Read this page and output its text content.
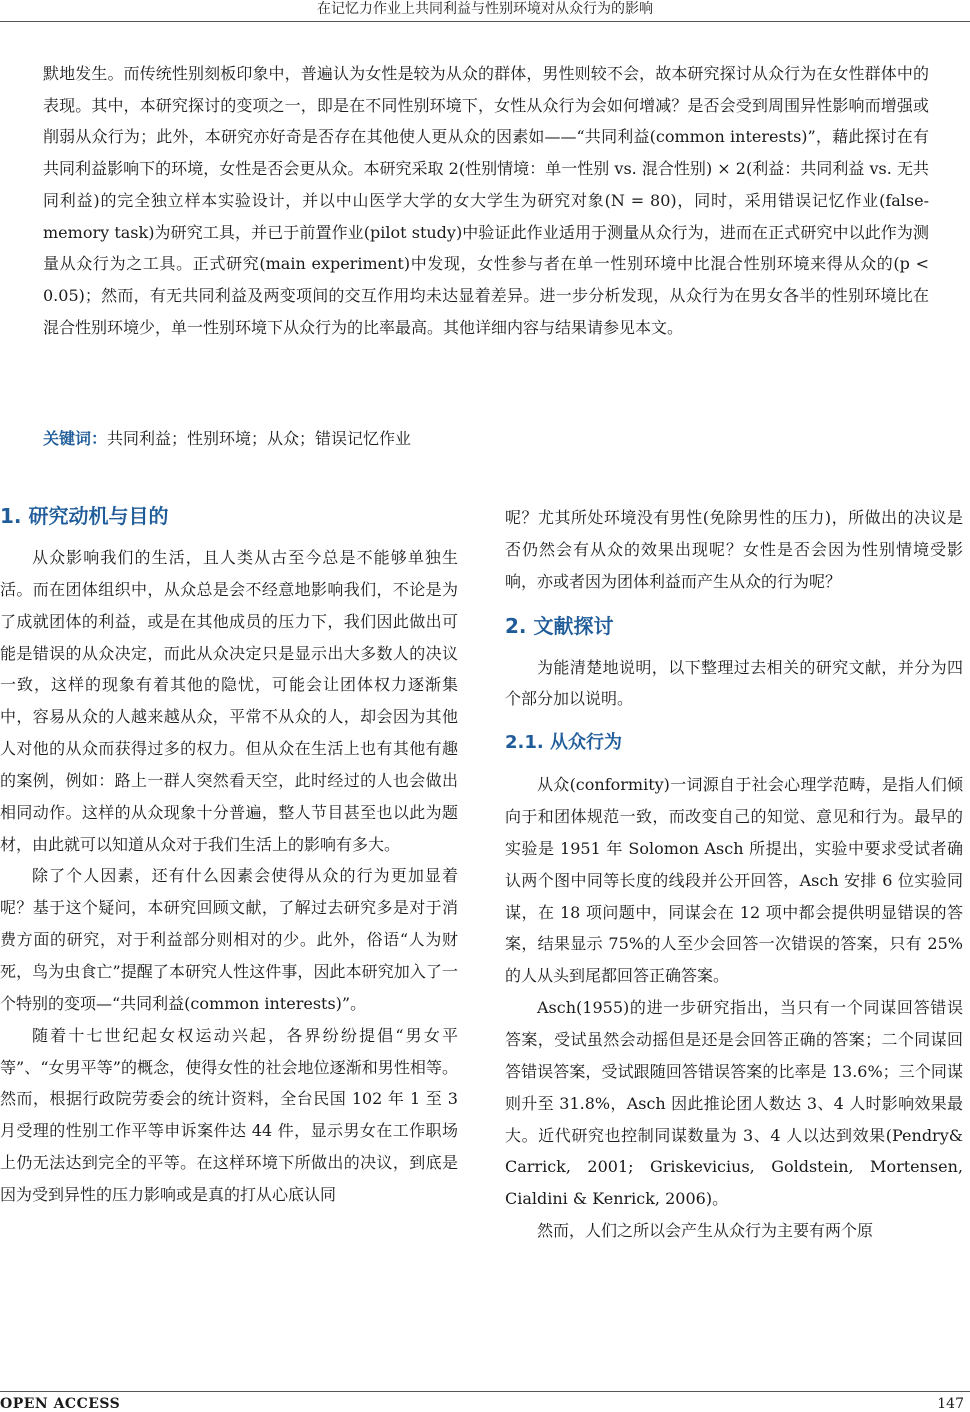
在记忆力作业上共同利益与性别环境对从众行为的影响

默地发生。而传统性别刻板印象中，普遍认为女性是较为从众的群体，男性则较不会，故本研究探讨从众行为在女性群体中的表现。其中，本研究探讨的变项之一，即是在不同性别环境下，女性从众行为会如何增减？是否会受到周围异性影响而增强或削弱从众行为；此外，本研究亦好奇是否存在其他使人更从众的因素如——“共同利益(common interests)”，藉此探讨在有共同利益影响下的环境，女性是否会更从众。本研究采取 2(性别情境：单一性别 vs. 混合性别) × 2(利益：共同利益 vs. 无共同利益)的完全独立样本实验设计，并以中山医学大学的女大学生为研究对象(N = 80)，同时，采用错误记忆作业(false-memory task)为研究工具，并已于前置作业(pilot study)中验证此作业适用于测量从众行为，进而在正式研究中以此作为测量从众行为之工具。正式研究(main experiment)中发现，女性参与者在单一性别环境中比混合性别环境来得从众的(p < 0.05)；然而，有无共同利益及两变项间的交互作用均未达显着差异。进一步分析发现，从众行为在男女各半的性别环境比在混合性别环境少，单一性别环境下从众行为的比率最高。其他详细内容与结果请参见本文。

关键词：共同利益；性别环境；从众；错误记忆作业
1. 研究动机与目的

从众影响我们的生活，且人类从古至今总是不能够单独生活。而在团体组织中，从众总是会不经意地影响我们，不论是为了成就团体的利益，或是在其他成员的压力下，我们因此做出可能是错误的从众决定，而此从众决定只是显示出大多数人的决议一致，这样的现象有着其他的隐忧，可能会让团体权力逐渐集中，容易从众的人越来越从众，平常不从众的人，却会因为其他人对他的从众而获得过多的权力。但从众在生活上也有其他有趣的案例，例如：路上一群人突然看天空，此时经过的人也会做出相同动作。这样的从众现象十分普遍，整人节目甚至也以此为题材，由此就可以知道从众对于我们生活上的影响有多大。

除了个人因素，还有什么因素会使得从众的行为更加显着呢？基于这个疑问，本研究回顾文献，了解过去研究多是对于消费方面的研究，对于利益部分则相对的少。此外，俗语“人为财死，鸟为虫食亡”提醒了本研究人性这件事，因此本研究加入了一个特别的变项—“共同利益(common interests)”。

随着十七世纪起女权运动兴起，各界纷纷提倡“男女平等”、“女男平等”的概念，使得女性的社会地位逐渐和男性相等。然而，根据行政院劳委会的统计资料，全台民国 102 年 1 至 3 月受理的性别工作平等申诉案件达 44 件，显示男女在工作职场上仍无法达到完全的平等。在这样环境下所做出的决议，到底是因为受到异性的压力影响或是真的打从心底认同

呢？尤其所处环境没有男性(免除男性的压力)，所做出的决议是否仍然会有从众的效果出现呢？女性是否会因为性别情境受影响，亦或者因为团体利益而产生从众的行为呢？

2. 文献探讨

为能清楚地说明，以下整理过去相关的研究文献，并分为四个部分加以说明。

2.1. 从众行为

从众(conformity)一词源自于社会心理学范畴，是指人们倾向于和团体规范一致，而改变自己的知觉、意见和行为。最早的实验是 1951 年 Solomon Asch 所提出，实验中要求受试者确认两个图中同等长度的线段并公开回答，Asch 安排 6 位实验同谋，在 18 项问题中，同谋会在 12 项中都会提供明显错误的答案，结果显示 75%的人至少会回答一次错误的答案，只有 25%的人从头到尾都回答正确答案。

Asch(1955)的进一步研究指出，当只有一个同谋回答错误答案，受试虽然会动摇但是还是会回答正确的答案；二个同谋回答错误答案，受试跟随回答错误答案的比率是 13.6%；三个同谋则升至 31.8%，Asch 因此推论团人数达 3、4 人时影响效果最大。近代研究也控制同谋数量为 3、4 人以达到效果(Pendry& Carrick, 2001; Griskevicius, Goldstein, Mortensen, Cialdini & Kenrick, 2006)。

然而，人们之所以会产生从众行为主要有两个原

OPEN ACCESS	147
